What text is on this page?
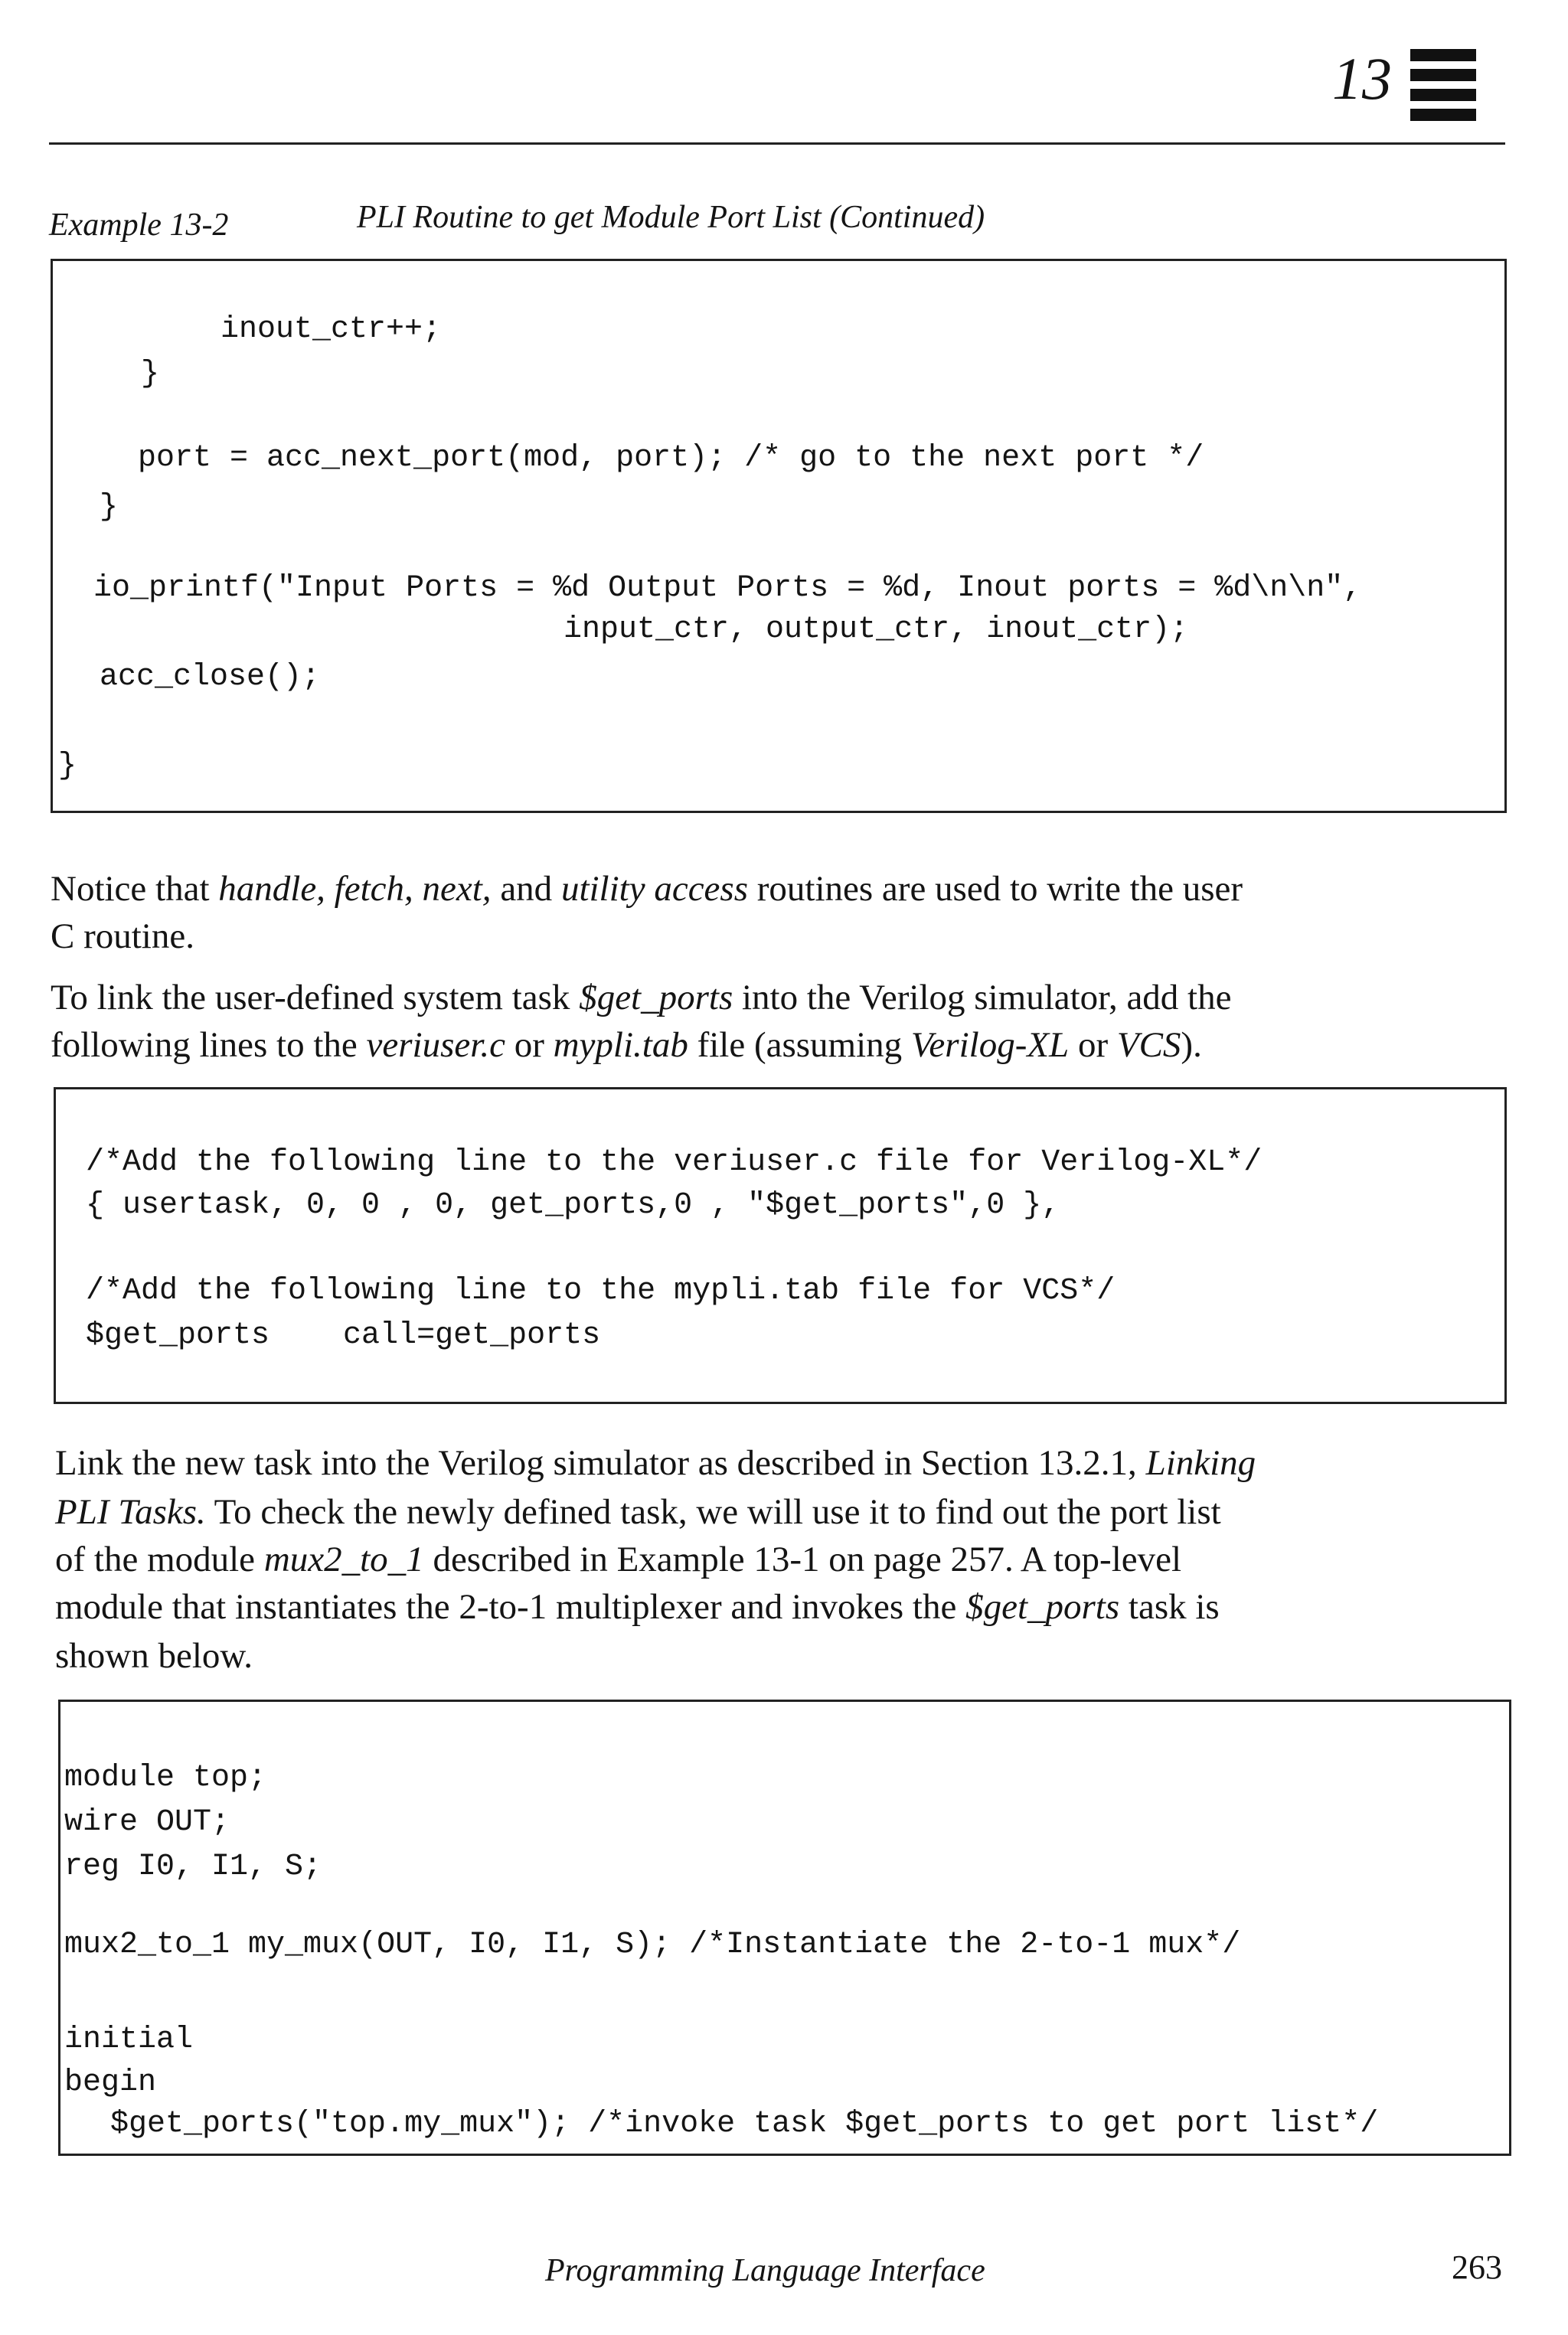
13
Example 13-2	PLI Routine to get Module Port List (Continued)
inout_ctr++;
}
port = acc_next_port(mod, port); /* go to the next port */
}
io_printf("Input Ports = %d Output Ports = %d, Inout ports = %d\n\n",
input_ctr, output_ctr, inout_ctr);
acc_close();
}
Notice that handle, fetch, next, and utility access routines are used to write the user
C routine.
To link the user-defined system task $get_ports into the Verilog simulator, add the
following lines to the veriuser.c or mypli.tab file (assuming Verilog-XL or VCS).
/*Add the following line to the veriuser.c file for Verilog-XL*/
{ usertask, 0, 0 , 0, get_ports,0 , "$get_ports",0 },
/*Add the following line to the mypli.tab file for VCS*/
$get_ports    call=get_ports
Link the new task into the Verilog simulator as described in Section 13.2.1, Linking
PLI Tasks. To check the newly defined task, we will use it to find out the port list
of the module mux2_to_1 described in Example 13-1 on page 257. A top-level
module that instantiates the 2-to-1 multiplexer and invokes the $get_ports task is
shown below.
module top;
wire OUT;
reg I0, I1, S;
mux2_to_1 my_mux(OUT, I0, I1, S); /*Instantiate the 2-to-1 mux*/
initial
begin
$get_ports("top.my_mux"); /*invoke task $get_ports to get port list*/
Programming Language Interface	263
